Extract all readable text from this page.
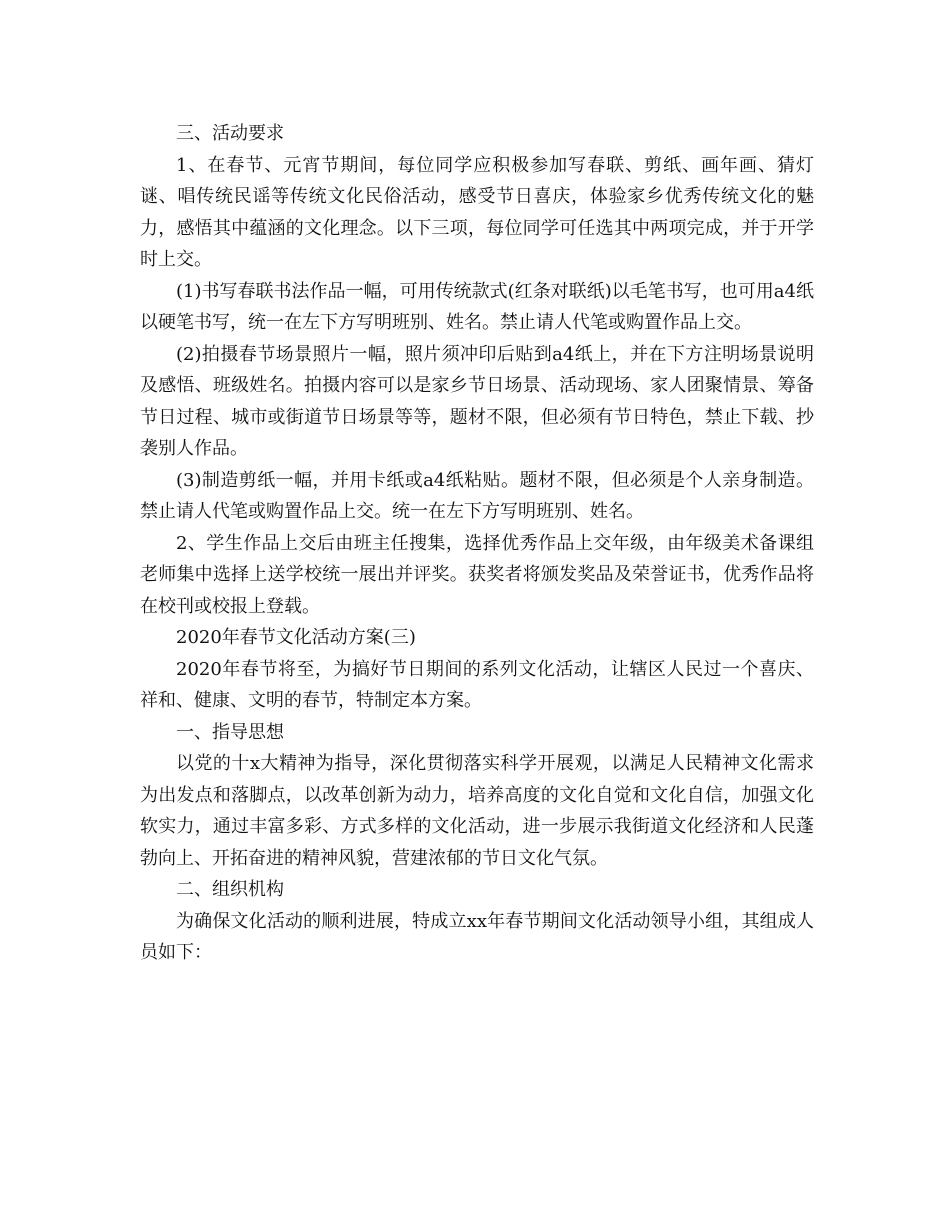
三、活动要求

1、在春节、元宵节期间，每位同学应积极参加写春联、剪纸、画年画、猜灯谜、唱传统民谣等传统文化民俗活动，感受节日喜庆，体验家乡优秀传统文化的魅力，感悟其中蕴涵的文化理念。以下三项，每位同学可任选其中两项完成，并于开学时上交。

(1)书写春联书法作品一幅，可用传统款式(红条对联纸)以毛笔书写，也可用a4纸以硬笔书写，统一在左下方写明班别、姓名。禁止请人代笔或购置作品上交。

(2)拍摄春节场景照片一幅，照片须冲印后贴到a4纸上，并在下方注明场景说明及感悟、班级姓名。拍摄内容可以是家乡节日场景、活动现场、家人团聚情景、筹备节日过程、城市或街道节日场景等等，题材不限，但必须有节日特色，禁止下载、抄袭别人作品。

(3)制造剪纸一幅，并用卡纸或a4纸粘贴。题材不限，但必须是个人亲身制造。禁止请人代笔或购置作品上交。统一在左下方写明班别、姓名。

2、学生作品上交后由班主任搜集，选择优秀作品上交年级，由年级美术备课组老师集中选择上送学校统一展出并评奖。获奖者将颁发奖品及荣誉证书，优秀作品将在校刊或校报上登载。

2020年春节文化活动方案(三)

2020年春节将至，为搞好节日期间的系列文化活动，让辖区人民过一个喜庆、祥和、健康、文明的春节，特制定本方案。

一、指导思想

以党的十x大精神为指导，深化贯彻落实科学开展观，以满足人民精神文化需求为出发点和落脚点，以改革创新为动力，培养高度的文化自觉和文化自信，加强文化软实力，通过丰富多彩、方式多样的文化活动，进一步展示我街道文化经济和人民蓬勃向上、开拓奋进的精神风貌，营建浓郁的节日文化气氛。

二、组织机构

为确保文化活动的顺利进展，特成立xx年春节期间文化活动领导小组，其组成人员如下：
